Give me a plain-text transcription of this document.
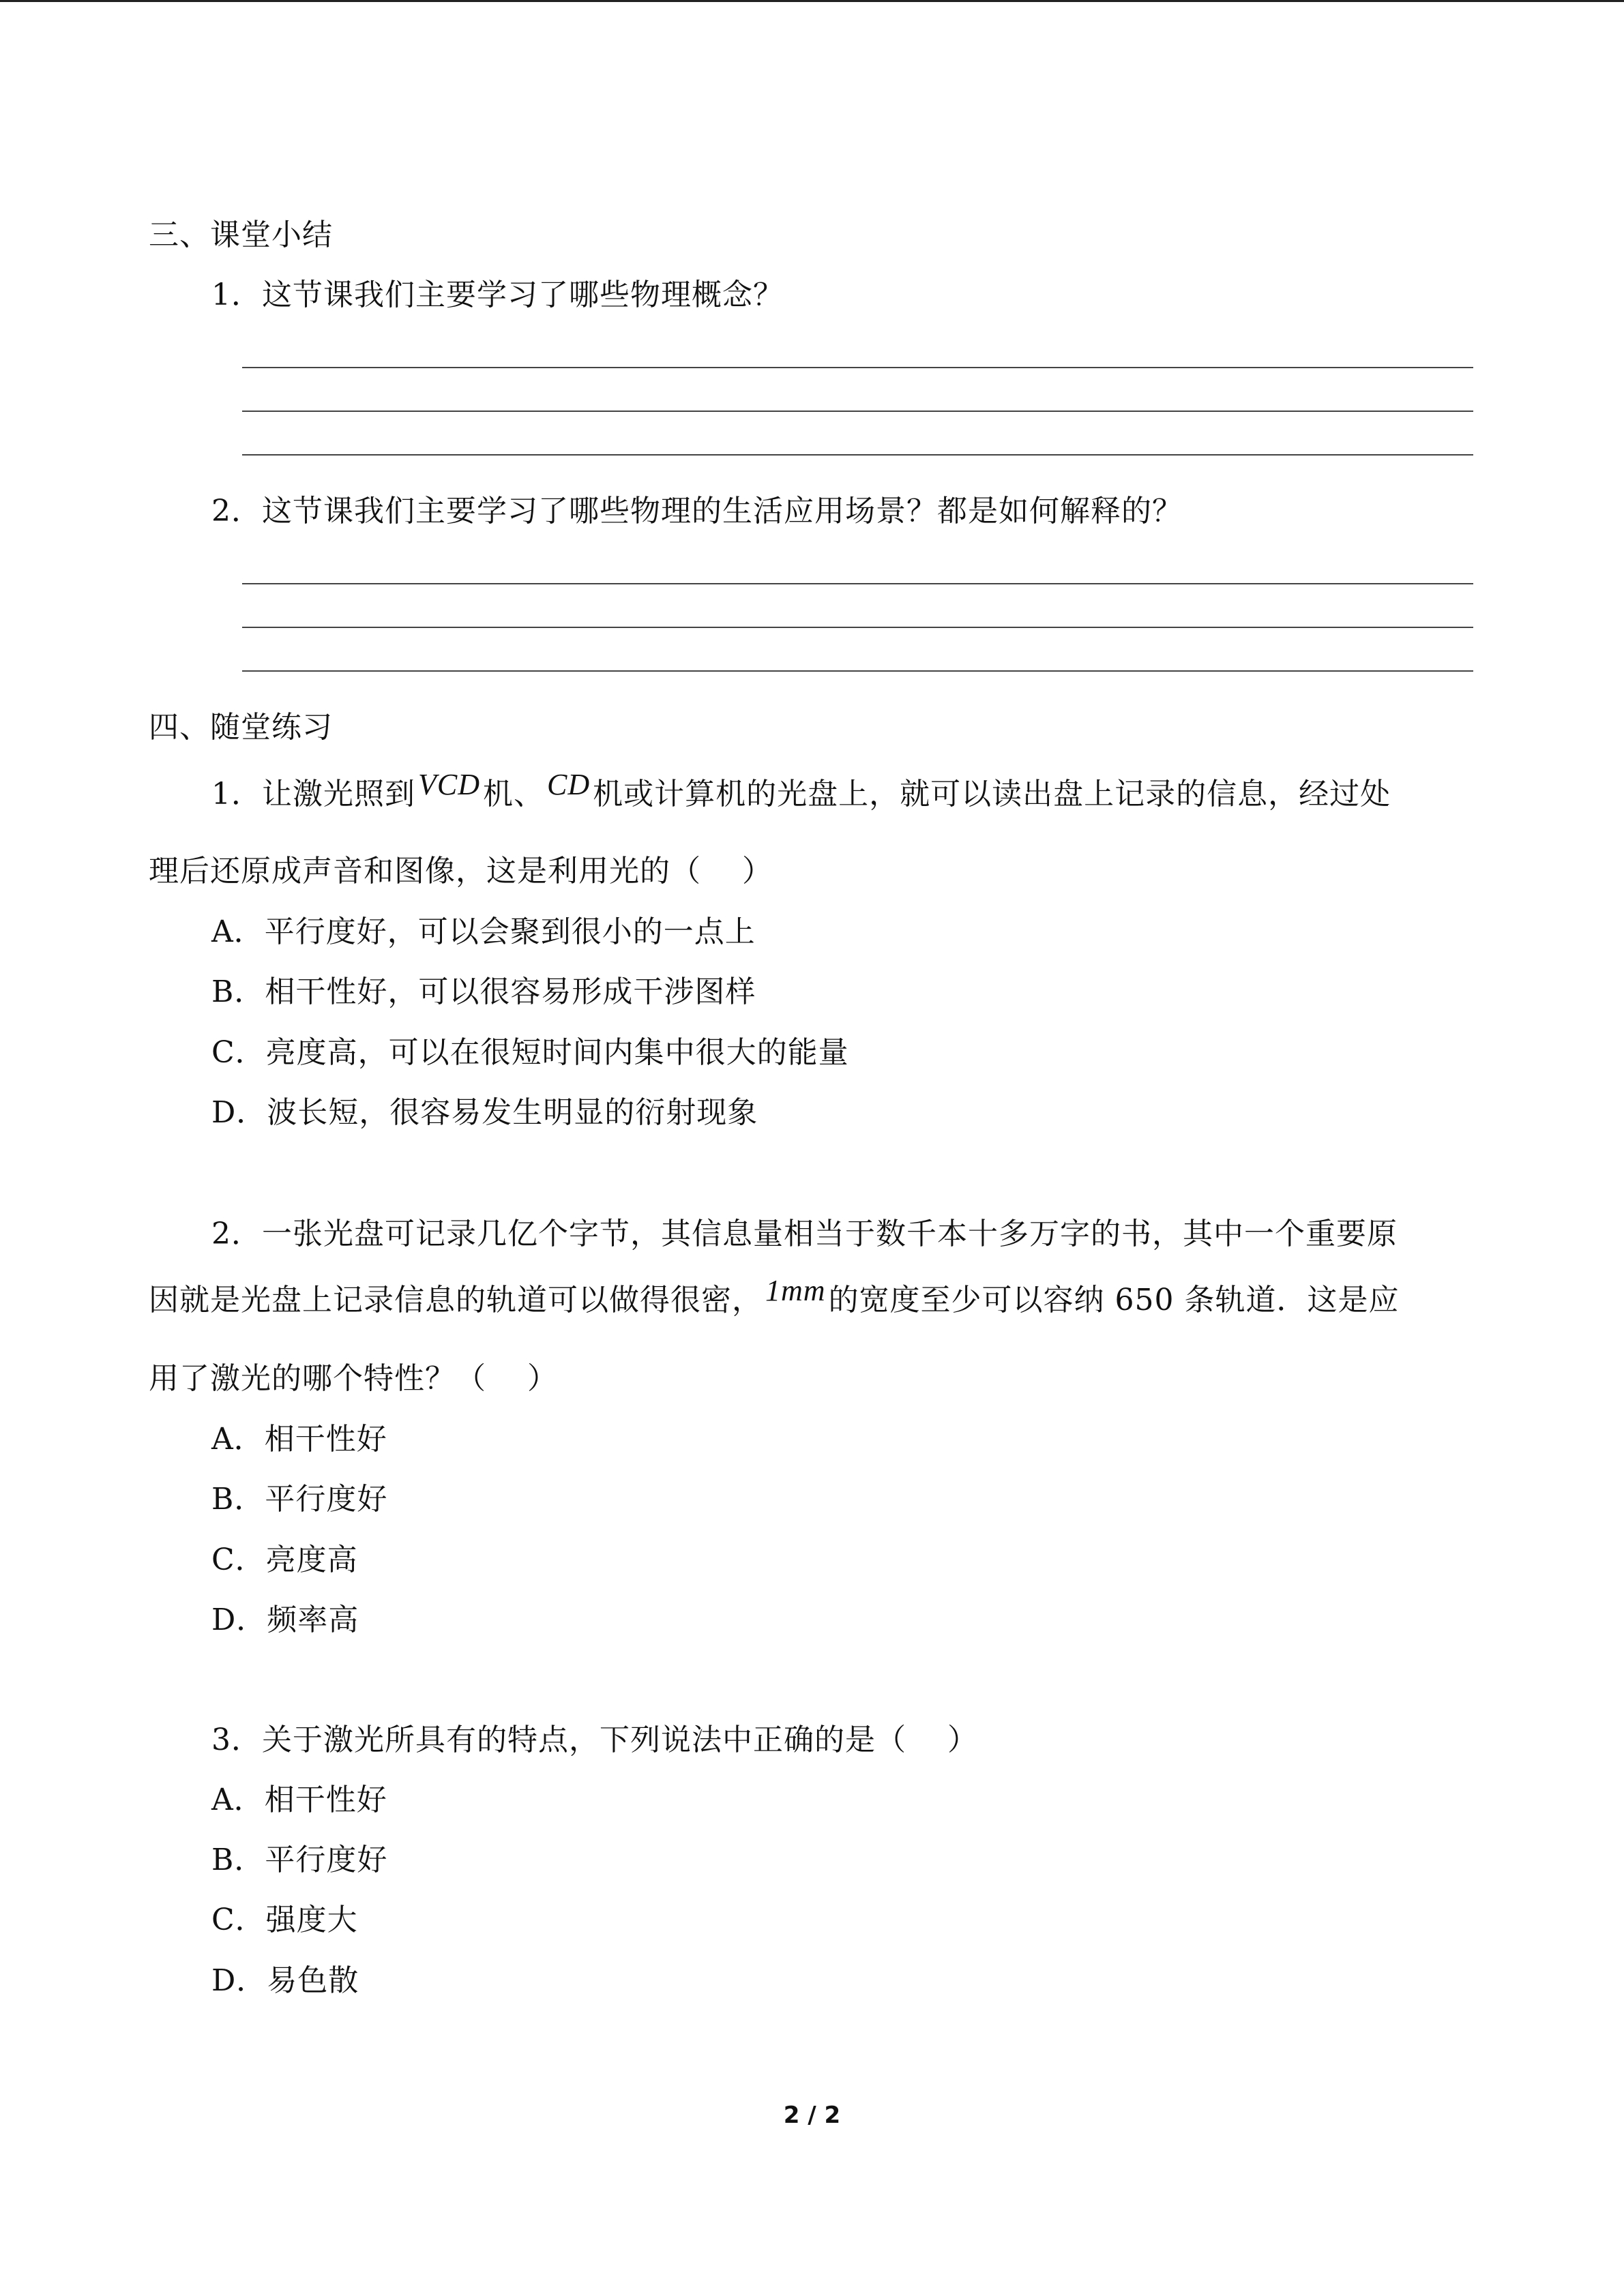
三、课堂小结
1．这节课我们主要学习了哪些物理概念？
2．这节课我们主要学习了哪些物理的生活应用场景？都是如何解释的？
四、随堂练习
1．让激光照到VCD机、CD机或计算机的光盘上，就可以读出盘上记录的信息，经过处
理后还原成声音和图像，这是利用光的（ ）
A．平行度好，可以会聚到很小的一点上
B．相干性好，可以很容易形成干涉图样
C．亮度高，可以在很短时间内集中很大的能量
D．波长短，很容易发生明显的衍射现象
2．一张光盘可记录几亿个字节，其信息量相当于数千本十多万字的书，其中一个重要原
因就是光盘上记录信息的轨道可以做得很密，1mm的宽度至少可以容纳 650 条轨道．这是应
用了激光的哪个特性？（ ）
A．相干性好
B．平行度好
C．亮度高
D．频率高
3．关于激光所具有的特点，下列说法中正确的是（ ）
A．相干性好
B．平行度好
C．强度大
D．易色散
2 / 2
